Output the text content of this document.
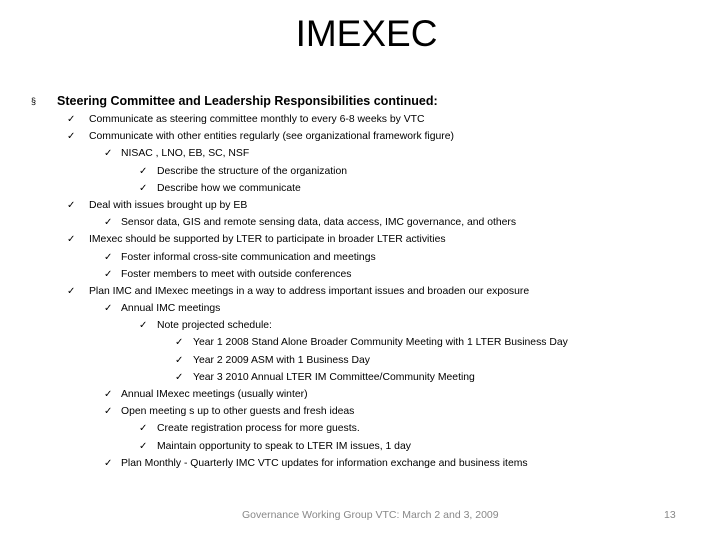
IMEXEC
§ Steering Committee and Leadership Responsibilities continued:
✓ Communicate as steering committee monthly to every 6-8 weeks by VTC
✓ Communicate with other entities regularly (see organizational framework figure)
✓ NISAC , LNO, EB, SC, NSF
✓ Describe the structure of the organization
✓ Describe how we communicate
✓ Deal with issues brought up by EB
✓ Sensor data, GIS and remote sensing data, data access, IMC governance, and others
✓ IMexec should be supported by LTER to participate in broader LTER activities
✓ Foster informal cross-site communication and meetings
✓ Foster members to meet with outside conferences
✓ Plan IMC and IMexec meetings in a way to address important issues and broaden our exposure
✓ Annual IMC meetings
✓ Note projected schedule:
✓ Year 1 2008 Stand Alone Broader Community Meeting with 1 LTER Business Day
✓ Year 2 2009 ASM with 1 Business Day
✓ Year 3 2010 Annual LTER IM Committee/Community Meeting
✓ Annual IMexec meetings (usually winter)
✓ Open meeting s up to other guests and fresh ideas
✓ Create registration process for more guests.
✓ Maintain opportunity to speak to LTER IM issues, 1 day
✓ Plan Monthly - Quarterly IMC VTC updates for information exchange and business items
Governance Working Group VTC: March 2 and 3, 2009	13
